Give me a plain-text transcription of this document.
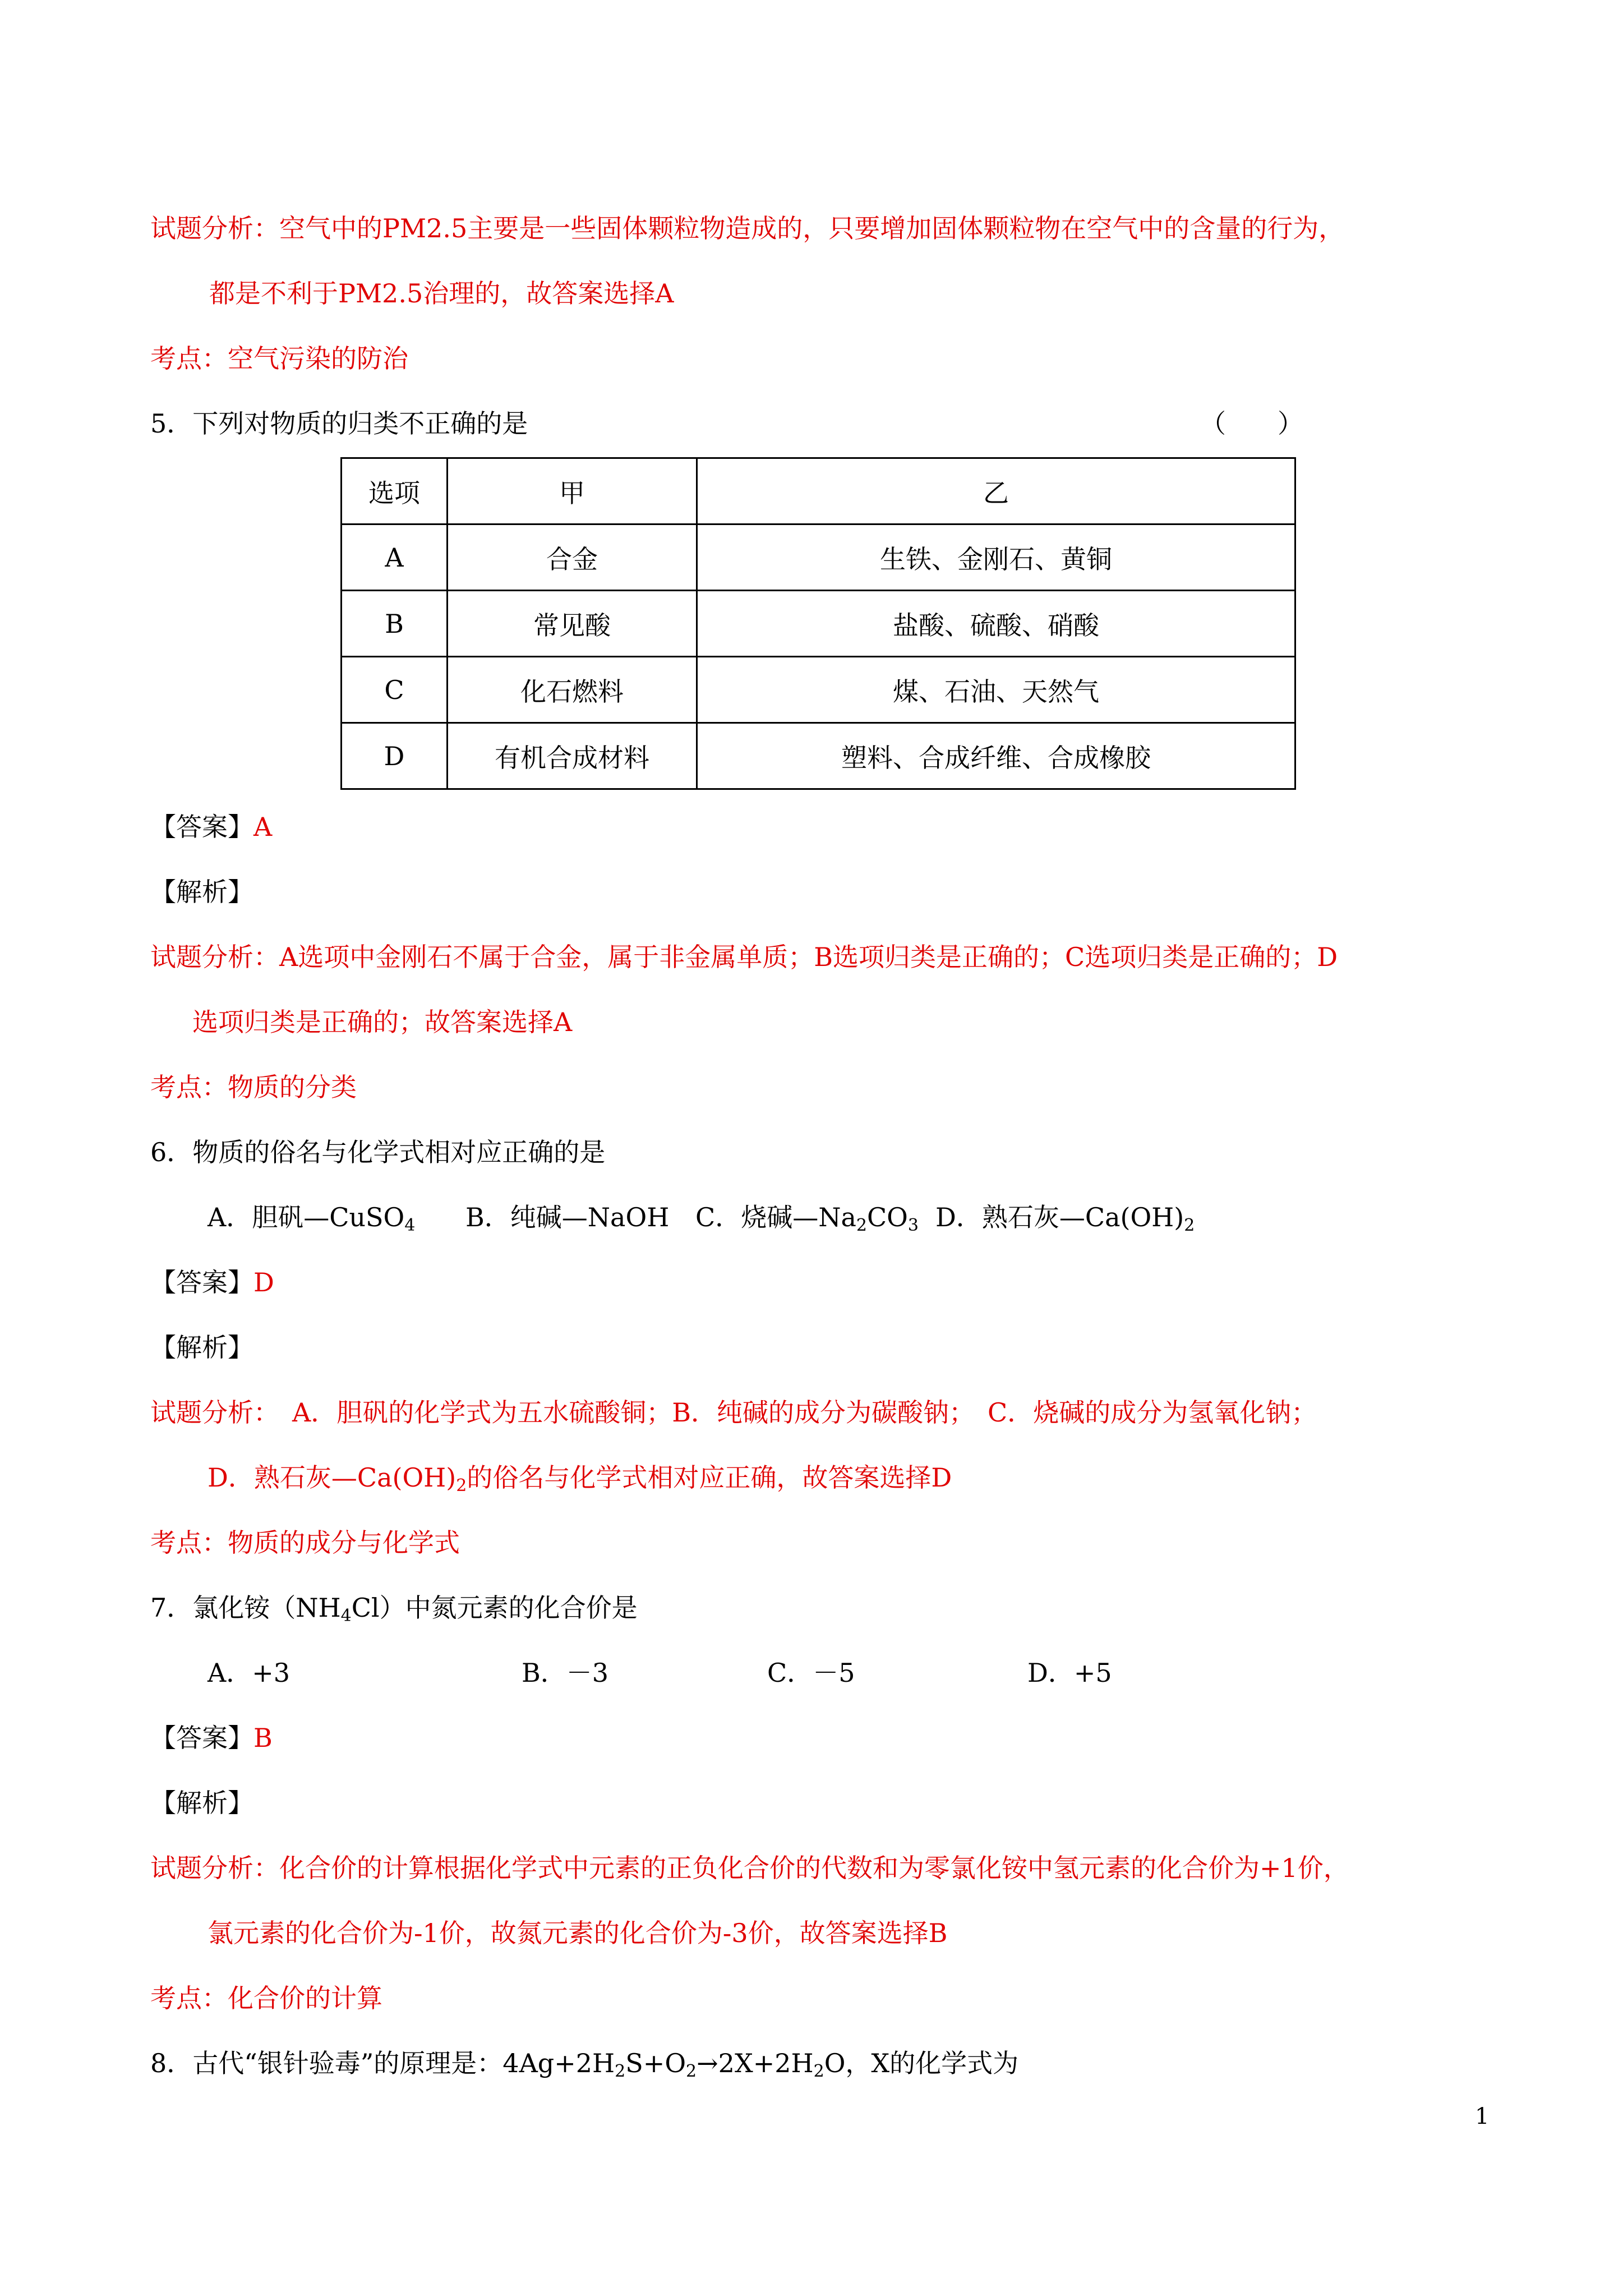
试题分析：空气中的PM2.5主要是一些固体颗粒物造成的，只要增加固体颗粒物在空气中的含量的行为，
都是不利于PM2.5治理的，故答案选择A
考点：空气污染的防治
5．下列对物质的归类不正确的是	（　　）
选项	甲	乙
A	合金	生铁、金刚石、黄铜
B	常见酸	盐酸、硫酸、硝酸
C	化石燃料	煤、石油、天然气
D	有机合成材料	塑料、合成纤维、合成橡胶
【答案】A
【解析】
试题分析：A选项中金刚石不属于合金，属于非金属单质；B选项归类是正确的；C选项归类是正确的；D
选项归类是正确的；故答案选择A
考点：物质的分类
6．物质的俗名与化学式相对应正确的是
A．胆矾—CuSO$_4$ B．纯碱—NaOH C．烧碱$—Na_2CO_3$ D．熟石灰$—Ca(OH)_2$
【答案】D
【解析】
试题分析：　A．胆矾的化学式为五水硫酸铜；B．纯碱的成分为碳酸钠；　C．烧碱的成分为氢氧化钠；
D．熟石灰$—Ca(OH)_2$的俗名与化学式相对应正确，故答案选择D
考点：物质的成分与化学式
7．氯化铵$(NH_4Cl)$中氮元素的化合价是
A．+3	B．－3	C．－5	D．+5
【答案】B
【解析】
试题分析：化合价的计算根据化学式中元素的正负化合价的代数和为零氯化铵中氢元素的化合价为+1价，
氯元素的化合价为-1价，故氮元素的化合价为-3价，故答案选择B
考点：化合价的计算
8．古代“银针验毒”的原理是：$4Ag+2H_2S+O_2\to 2X+2H_2O$，X的化学式为
1
